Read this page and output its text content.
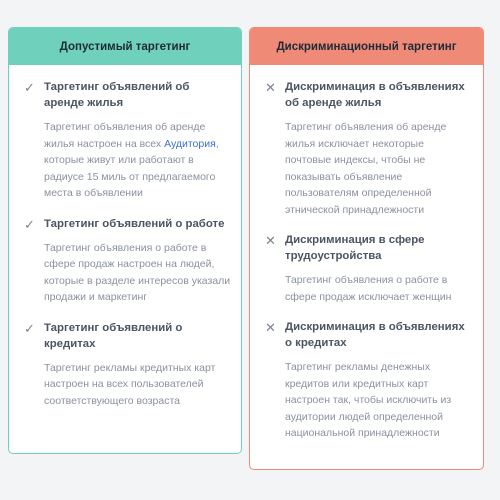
Допустимый таргетинг
✓ Таргетинг объявлений об аренде жилья
Таргетинг объявления об аренде жилья настроен на всех Аудитория, которые живут или работают в радиусе 15 миль от предлагаемого места в объявлении
✓ Таргетинг объявлений о работе
Таргетинг объявления о работе в сфере продаж настроен на людей, которые в разделе интересов указали продажи и маркетинг
✓ Таргетинг объявлений о кредитах
Таргетинг рекламы кредитных карт настроен на всех пользователей соответствующего возраста
Дискриминационный таргетинг
✕ Дискриминация в объявлениях об аренде жилья
Таргетинг объявления об аренде жилья исключает некоторые почтовые индексы, чтобы не показывать объявление пользователям определенной этнической принадлежности
✕ Дискриминация в сфере трудоустройства
Таргетинг объявления о работе в сфере продаж исключает женщин
✕ Дискриминация в объявлениях о кредитах
Таргетинг рекламы денежных кредитов или кредитных карт настроен так, чтобы исключить из аудитории людей определенной национальной принадлежности
